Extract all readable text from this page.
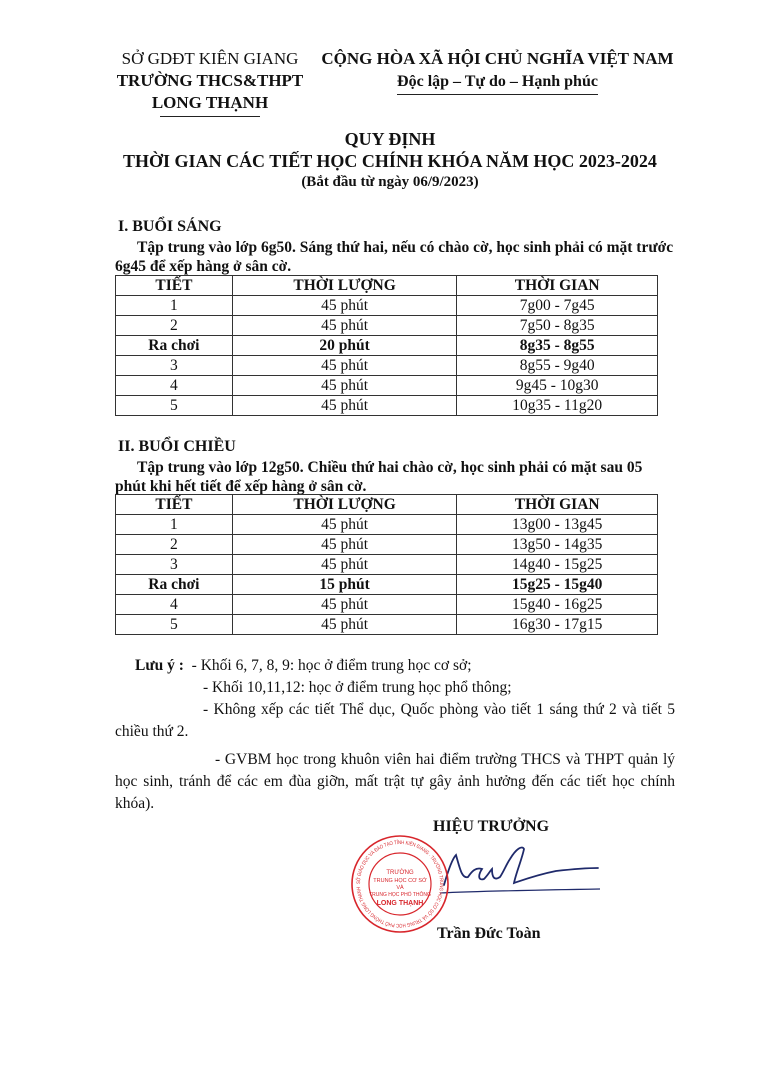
SỞ GDĐT KIÊN GIANG
TRƯỜNG THCS&THPT
LONG THẠNH
CỘNG HÒA XÃ HỘI CHỦ NGHĨA VIỆT NAM
Độc lập – Tự do – Hạnh phúc
QUY ĐỊNH
THỜI GIAN CÁC TIẾT HỌC CHÍNH KHÓA NĂM HỌC 2023-2024
(Bắt đầu từ ngày 06/9/2023)
I. BUỔI SÁNG
Tập trung vào lớp 6g50. Sáng thứ hai, nếu có chào cờ, học sinh phải có mặt trước 6g45 để xếp hàng ở sân cờ.
TIẾT	THỜI LƯỢNG	THỜI GIAN
1	45 phút	7g00 - 7g45
2	45 phút	7g50 - 8g35
Ra chơi	20 phút	8g35 - 8g55
3	45 phút	8g55 - 9g40
4	45 phút	9g45 - 10g30
5	45 phút	10g35 - 11g20
II. BUỔI CHIỀU
Tập trung vào lớp 12g50. Chiều thứ hai chào cờ, học sinh phải có mặt sau 05 phút khi hết tiết để xếp hàng ở sân cờ.
TIẾT	THỜI LƯỢNG	THỜI GIAN
1	45 phút	13g00 - 13g45
2	45 phút	13g50 - 14g35
3	45 phút	14g40 - 15g25
Ra chơi	15 phút	15g25 - 15g40
4	45 phút	15g40 - 16g25
5	45 phút	16g30 - 17g15
Lưu ý : - Khối 6, 7, 8, 9: học ở điểm trung học cơ sở;
- Khối 10,11,12: học ở điểm trung học phổ thông;
- Không xếp các tiết Thể dục, Quốc phòng vào tiết 1 sáng thứ 2 và tiết 5 chiều thứ 2.
- GVBM học trong khuôn viên hai điểm trường THCS và THPT quản lý học sinh, tránh để các em đùa giỡn, mất trật tự gây ảnh hưởng đến các tiết học chính khóa).
HIỆU TRƯỞNG
SỞ GIÁO DỤC VÀ ĐÀO TẠO TỈNH KIÊN GIANG · TRƯỜNG TRUNG HỌC CƠ SỞ VÀ TRUNG HỌC PHỔ THÔNG LONG THẠNH
TRƯỜNG
TRUNG HỌC CƠ SỞ
VÀ
TRUNG HỌC PHỔ THÔNG
LONG THẠNH
Trần Đức Toàn
